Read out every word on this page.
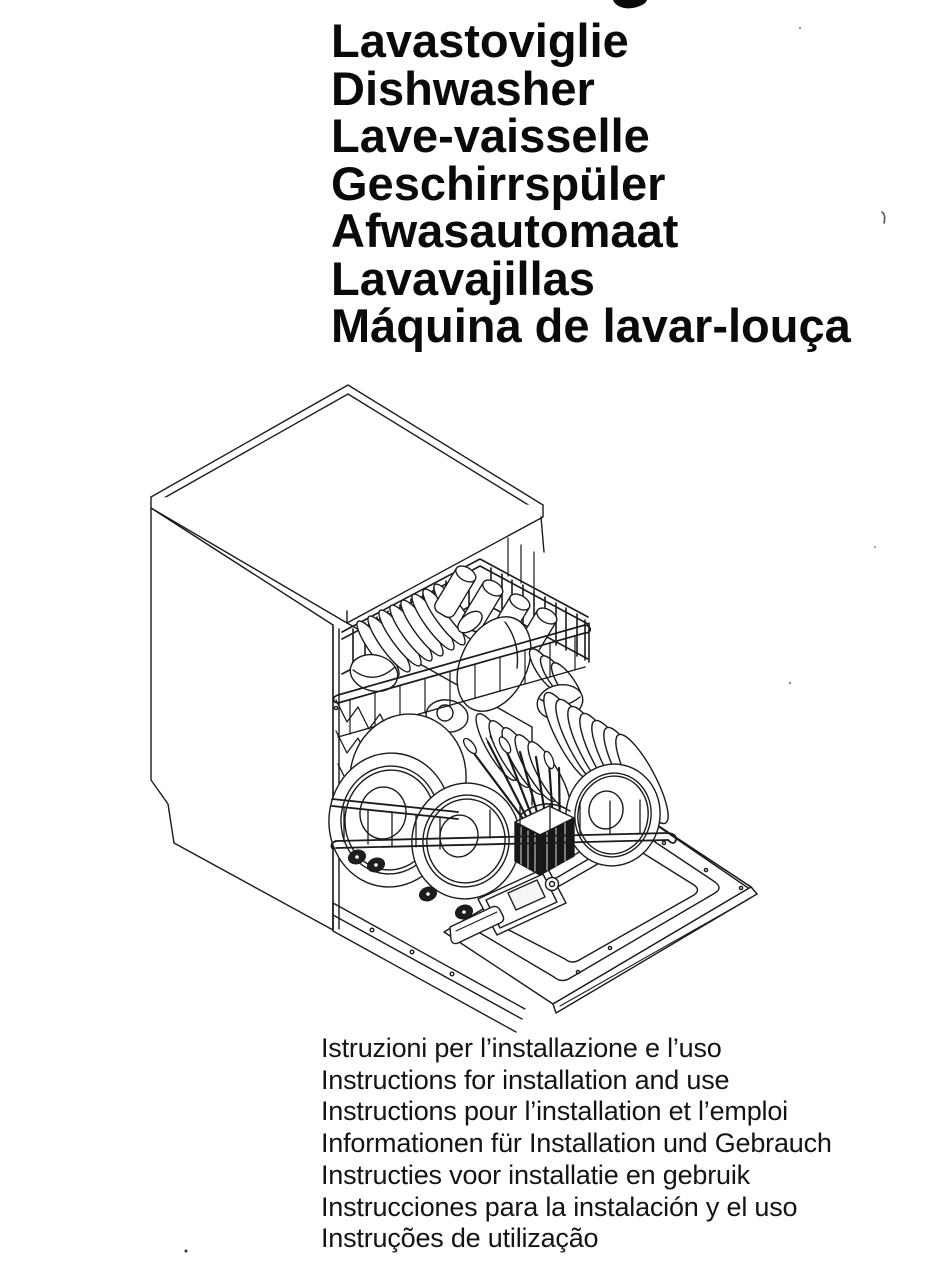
Lavastoviglie
Dishwasher
Lave-vaisselle
Geschirrspüler
Afwasautomaat
Lavavajillas
Máquina de lavar-louça
Istruzioni per l’installazione e l’uso
Instructions for installation and use
Instructions pour l’installation et l’emploi
Informationen für Installation und Gebrauch
Instructies voor installatie en gebruik
Instrucciones para la instalación y el uso
Instruções de utilização
